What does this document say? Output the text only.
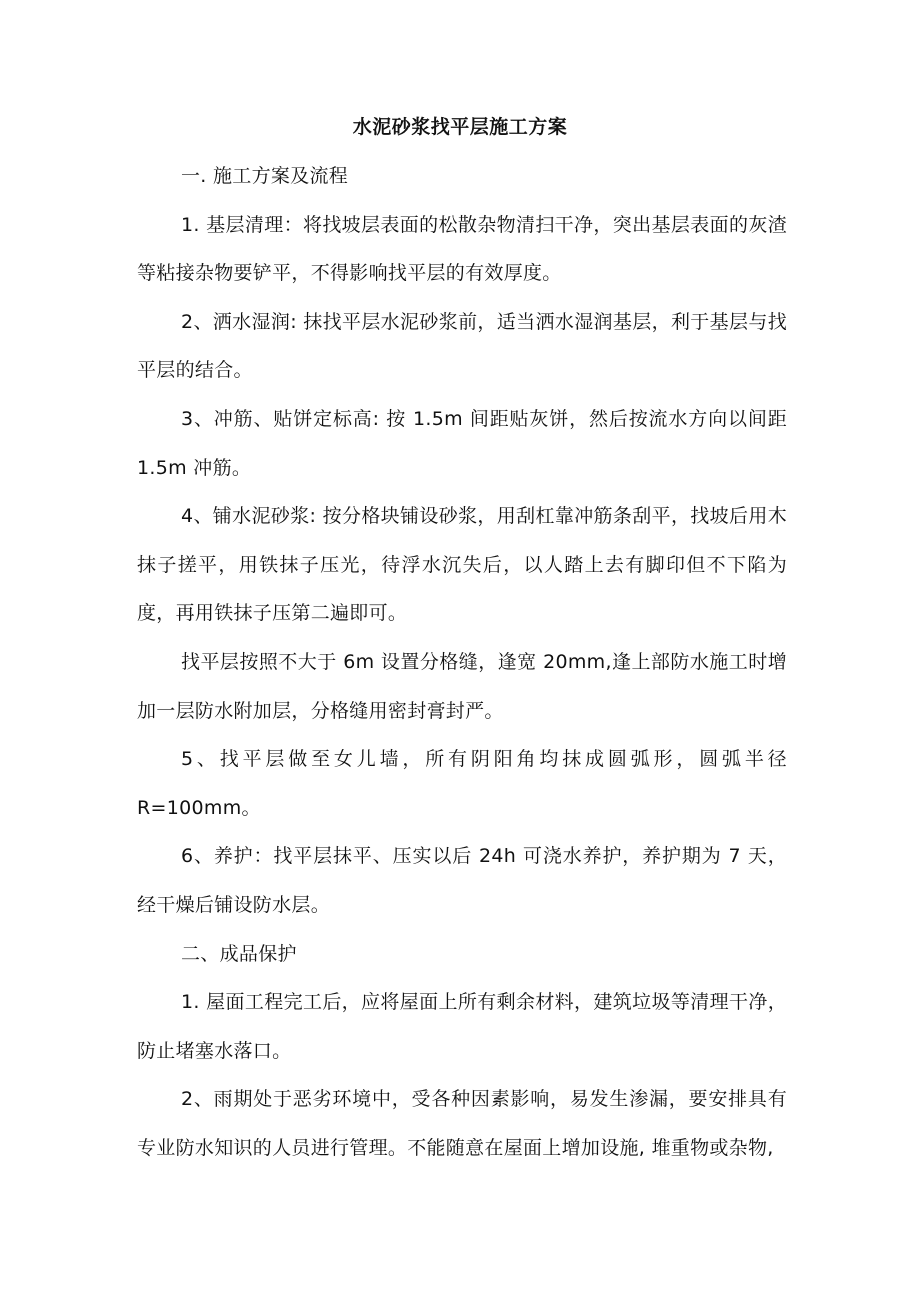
水泥砂浆找平层施工方案

一. 施工方案及流程

1. 基层清理：将找坡层表面的松散杂物清扫干净，突出基层表面的灰渣等粘接杂物要铲平，不得影响找平层的有效厚度。

2、洒水湿润: 抹找平层水泥砂浆前，适当洒水湿润基层，利于基层与找平层的结合。

3、冲筋、贴饼定标高: 按 1.5m 间距贴灰饼，然后按流水方向以间距 1.5m 冲筋。

4、铺水泥砂浆: 按分格块铺设砂浆，用刮杠靠冲筋条刮平，找坡后用木抹子搓平，用铁抹子压光，待浮水沉失后，以人踏上去有脚印但不下陷为度，再用铁抹子压第二遍即可。

找平层按照不大于 6m 设置分格缝，逢宽 20mm,逢上部防水施工时增加一层防水附加层，分格缝用密封膏封严。

5、找平层做至女儿墙，所有阴阳角均抹成圆弧形，圆弧半径 R=100mm。

6、养护：找平层抹平、压实以后 24h 可浇水养护，养护期为 7 天，经干燥后铺设防水层。

二、成品保护

1. 屋面工程完工后，应将屋面上所有剩余材料，建筑垃圾等清理干净，防止堵塞水落口。

2、雨期处于恶劣环境中，受各种因素影响，易发生渗漏，要安排具有专业防水知识的人员进行管理。不能随意在屋面上增加设施, 堆重物或杂物,
